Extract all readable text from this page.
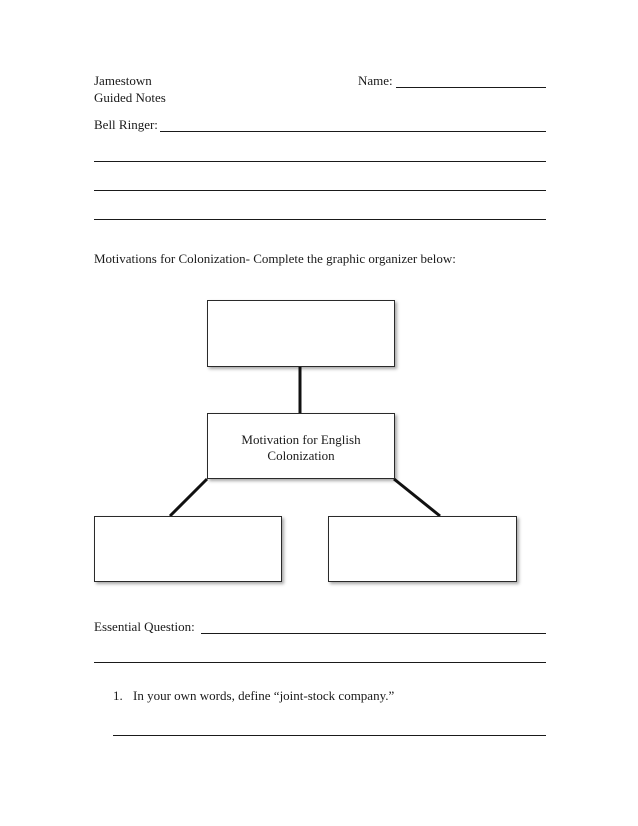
Jamestown
Guided Notes
Name:
Bell Ringer:
Motivations for Colonization- Complete the graphic organizer below:
Motivation for English Colonization
Essential Question:
1. In your own words, define “joint-stock company.”
